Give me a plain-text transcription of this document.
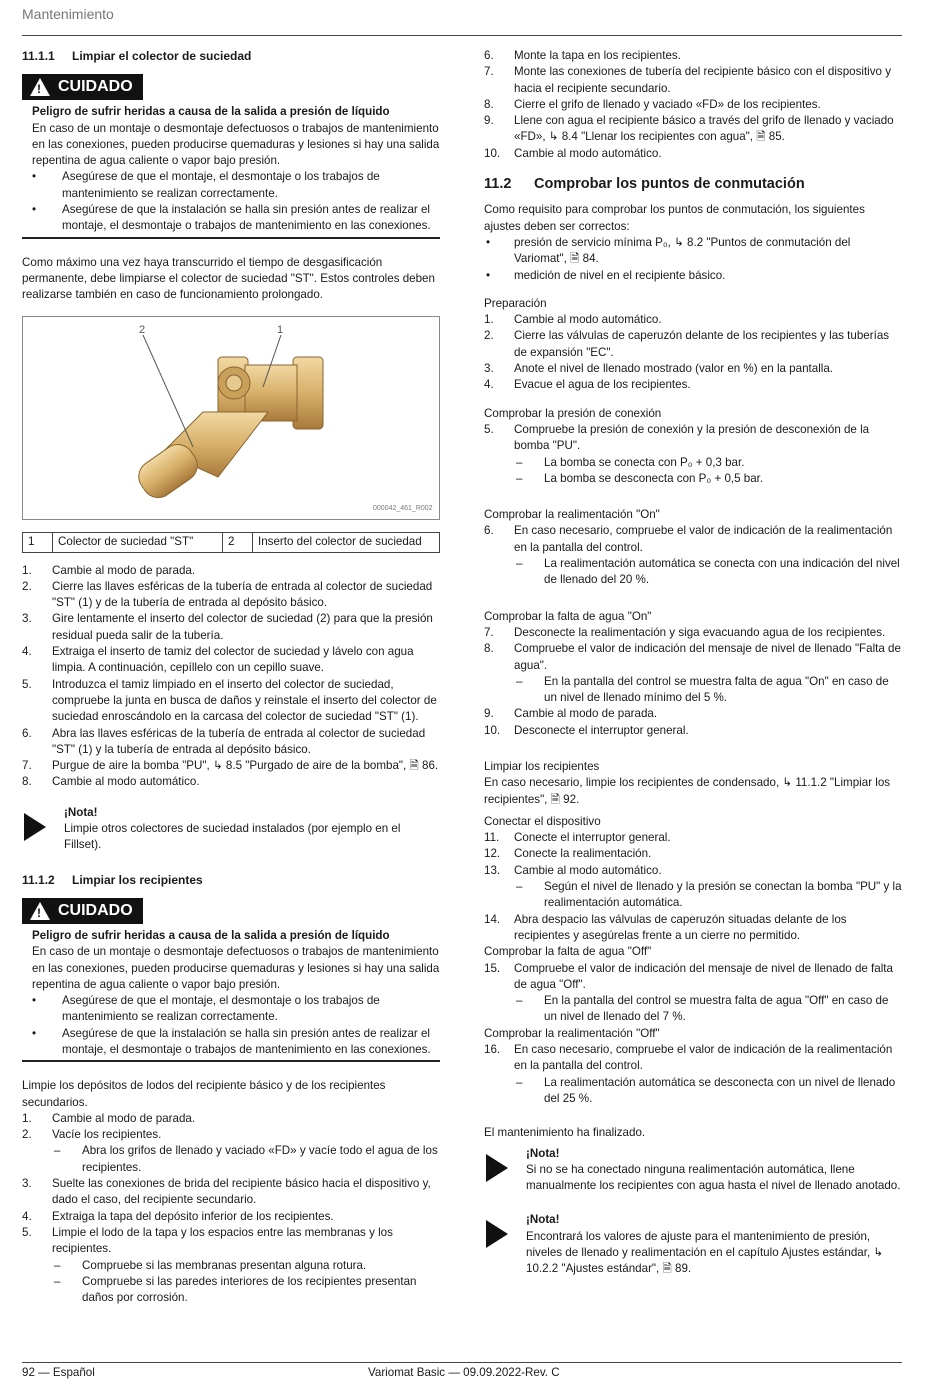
Mantenimiento
11.1.1 Limpiar el colector de suciedad
!
CUIDADO
Peligro de sufrir heridas a causa de la salida a presión de líquido
En caso de un montaje o desmontaje defectuosos o trabajos de mantenimiento en las conexiones, pueden producirse quemaduras y lesiones si hay una salida repentina de agua caliente o vapor bajo presión.
• Asegúrese de que el montaje, el desmontaje o los trabajos de mantenimiento se realizan correctamente.
• Asegúrese de que la instalación se halla sin presión antes de realizar el montaje, el desmontaje o trabajos de mantenimiento en las conexiones.
Como máximo una vez haya transcurrido el tiempo de desgasificación permanente, debe limpiarse el colector de suciedad "ST". Estos controles deben realizarse también en caso de funcionamiento prolongado.
2	1
000042_461_R002
1	Colector de suciedad "ST"	2	Inserto del colector de suciedad
1. Cambie al modo de parada.
2. Cierre las llaves esféricas de la tubería de entrada al colector de suciedad "ST" (1) y de la tubería de entrada al depósito básico.
3. Gire lentamente el inserto del colector de suciedad (2) para que la presión residual pueda salir de la tubería.
4. Extraiga el inserto de tamiz del colector de suciedad y lávelo con agua limpia. A continuación, cepíllelo con un cepillo suave.
5. Introduzca el tamiz limpiado en el inserto del colector de suciedad, compruebe la junta en busca de daños y reinstale el inserto del colector de suciedad enroscándolo en la carcasa del colector de suciedad "ST" (1).
6. Abra las llaves esféricas de la tubería de entrada al colector de suciedad "ST" (1) y la tubería de entrada al depósito básico.
7. Purgue de aire la bomba "PU", ↳ 8.5 "Purgado de aire de la bomba", 🗎 86.
8. Cambie al modo automático.
¡Nota!
Limpie otros colectores de suciedad instalados (por ejemplo en el Fillset).
11.1.2 Limpiar los recipientes
!
CUIDADO
Peligro de sufrir heridas a causa de la salida a presión de líquido
En caso de un montaje o desmontaje defectuosos o trabajos de mantenimiento en las conexiones, pueden producirse quemaduras y lesiones si hay una salida repentina de agua caliente o vapor bajo presión.
• Asegúrese de que el montaje, el desmontaje o los trabajos de mantenimiento se realizan correctamente.
• Asegúrese de que la instalación se halla sin presión antes de realizar el montaje, el desmontaje o trabajos de mantenimiento en las conexiones.
Limpie los depósitos de lodos del recipiente básico y de los recipientes secundarios.
1. Cambie al modo de parada.
2. Vacíe los recipientes.
– Abra los grifos de llenado y vaciado «FD» y vacíe todo el agua de los recipientes.
3. Suelte las conexiones de brida del recipiente básico hacia el dispositivo y, dado el caso, del recipiente secundario.
4. Extraiga la tapa del depósito inferior de los recipientes.
5. Limpie el lodo de la tapa y los espacios entre las membranas y los recipientes.
– Compruebe si las membranas presentan alguna rotura.
– Compruebe si las paredes interiores de los recipientes presentan daños por corrosión.
6. Monte la tapa en los recipientes.
7. Monte las conexiones de tubería del recipiente básico con el dispositivo y hacia el recipiente secundario.
8. Cierre el grifo de llenado y vaciado «FD» de los recipientes.
9. Llene con agua el recipiente básico a través del grifo de llenado y vaciado «FD», ↳ 8.4 "Llenar los recipientes con agua", 🗎 85.
10. Cambie al modo automático.
11.2 Comprobar los puntos de conmutación
Como requisito para comprobar los puntos de conmutación, los siguientes ajustes deben ser correctos:
• presión de servicio mínima P₀, ↳ 8.2 "Puntos de conmutación del Variomat", 🗎 84.
• medición de nivel en el recipiente básico.
Preparación
1. Cambie al modo automático.
2. Cierre las válvulas de caperuzón delante de los recipientes y las tuberías de expansión "EC".
3. Anote el nivel de llenado mostrado (valor en %) en la pantalla.
4. Evacue el agua de los recipientes.
Comprobar la presión de conexión
5. Compruebe la presión de conexión y la presión de desconexión de la bomba "PU".
– La bomba se conecta con P₀ + 0,3 bar.
– La bomba se desconecta con P₀ + 0,5 bar.
Comprobar la realimentación "On"
6. En caso necesario, compruebe el valor de indicación de la realimentación en la pantalla del control.
– La realimentación automática se conecta con una indicación del nivel de llenado del 20 %.
Comprobar la falta de agua "On"
7. Desconecte la realimentación y siga evacuando agua de los recipientes.
8. Compruebe el valor de indicación del mensaje de nivel de llenado "Falta de agua".
– En la pantalla del control se muestra falta de agua "On" en caso de un nivel de llenado mínimo del 5 %.
9. Cambie al modo de parada.
10. Desconecte el interruptor general.
Limpiar los recipientes
En caso necesario, limpie los recipientes de condensado, ↳ 11.1.2 "Limpiar los recipientes", 🗎 92.
Conectar el dispositivo
11. Conecte el interruptor general.
12. Conecte la realimentación.
13. Cambie al modo automático.
– Según el nivel de llenado y la presión se conectan la bomba "PU" y la realimentación automática.
14. Abra despacio las válvulas de caperuzón situadas delante de los recipientes y asegúrelas frente a un cierre no permitido.
Comprobar la falta de agua "Off"
15. Compruebe el valor de indicación del mensaje de nivel de llenado de falta de agua "Off".
– En la pantalla del control se muestra falta de agua "Off" en caso de un nivel de llenado del 7 %.
Comprobar la realimentación "Off"
16. En caso necesario, compruebe el valor de indicación de la realimentación en la pantalla del control.
– La realimentación automática se desconecta con un nivel de llenado del 25 %.
El mantenimiento ha finalizado.
¡Nota!
Si no se ha conectado ninguna realimentación automática, llene manualmente los recipientes con agua hasta el nivel de llenado anotado.
¡Nota!
Encontrará los valores de ajuste para el mantenimiento de presión, niveles de llenado y realimentación en el capítulo Ajustes estándar, ↳ 10.2.2 "Ajustes estándar", 🗎 89.
92 — Español	Variomat Basic — 09.09.2022-Rev. C
